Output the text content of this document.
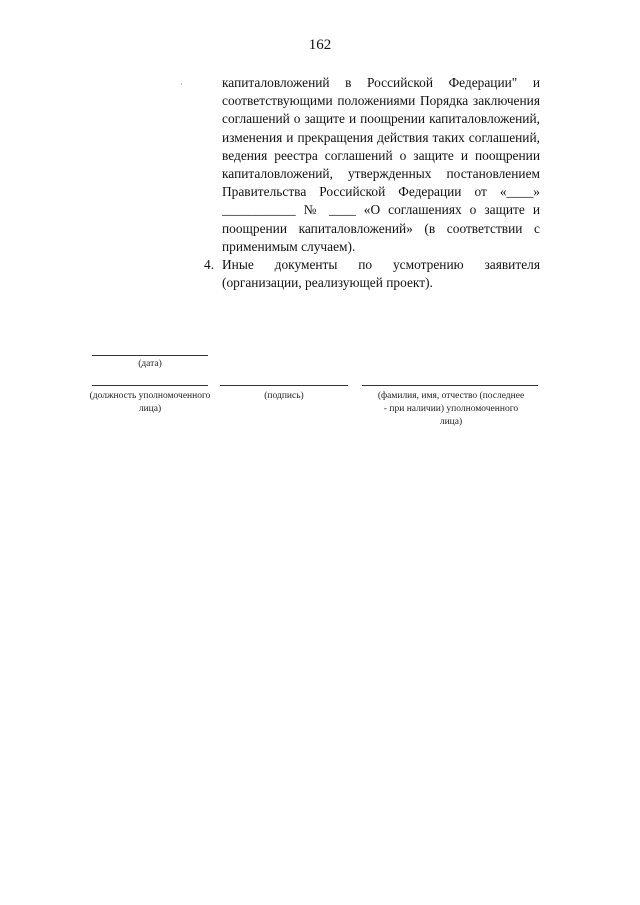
162
·	капиталовложений в Российской Федерации" и соответствующими положениями Порядка заключения соглашений о защите и поощрении капиталовложений, изменения и прекращения действия таких соглашений, ведения реестра соглашений о защите и поощрении капиталовложений, утвержденных постановлением Правительства Российской Федерации от «____» ___________ № ____ «О соглашениях о защите и поощрении капиталовложений» (в соответствии с применимым случаем).

4. Иные документы по усмотрению заявителя (организации, реализующей проект).
(дата)
(должность уполномоченного лица)
(подпись)	(фамилия, имя, отчество (последнее - при наличии) уполномоченного лица)
